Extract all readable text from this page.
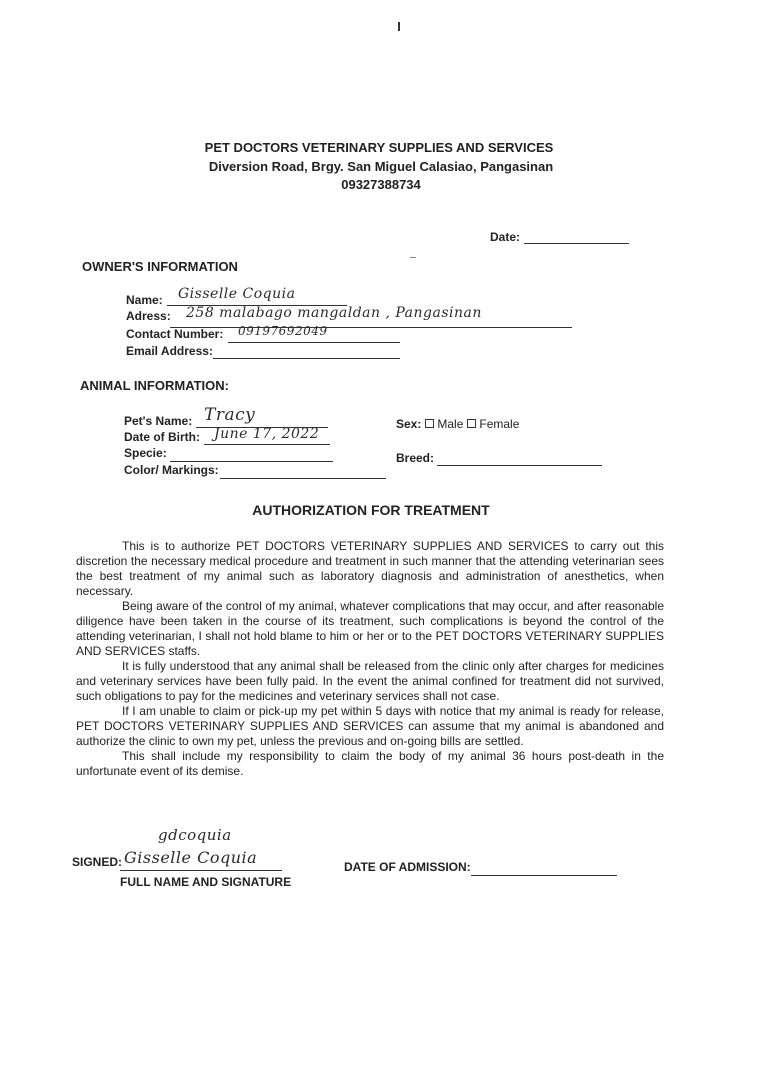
PET DOCTORS VETERINARY SUPPLIES AND SERVICES
Diversion Road, Brgy. San Miguel Calasiao, Pangasinan
09327388734
Date:
OWNER'S INFORMATION
Name: Gisselle Coquia
Adress: 258 malabago mangaldan , Pangasinan
Contact Number: 09197692049
Email Address:
ANIMAL INFORMATION:
Pet's Name: Tracy
Date of Birth: June 17, 2022
Specie:
Color/ Markings:
Sex: Male Female
Breed:
AUTHORIZATION FOR TREATMENT

This is to authorize PET DOCTORS VETERINARY SUPPLIES AND SERVICES to carry out this discretion the necessary medical procedure and treatment in such manner that the attending veterinarian sees the best treatment of my animal such as laboratory diagnosis and administration of anesthetics, when necessary.

Being aware of the control of my animal, whatever complications that may occur, and after reasonable diligence have been taken in the course of its treatment, such complications is beyond the control of the attending veterinarian, I shall not hold blame to him or her or to the PET DOCTORS VETERINARY SUPPLIES AND SERVICES staffs.

It is fully understood that any animal shall be released from the clinic only after charges for medicines and veterinary services have been fully paid. In the event the animal confined for treatment did not survived, such obligations to pay for the medicines and veterinary services shall not case.

If I am unable to claim or pick-up my pet within 5 days with notice that my animal is ready for release, PET DOCTORS VETERINARY SUPPLIES AND SERVICES can assume that my animal is abandoned and authorize the clinic to own my pet, unless the previous and on-going bills are settled.

This shall include my responsibility to claim the body of my animal 36 hours post-death in the unfortunate event of its demise.

gdcoquia
SIGNED: Gisselle Coquia
FULL NAME AND SIGNATURE
DATE OF ADMISSION:
